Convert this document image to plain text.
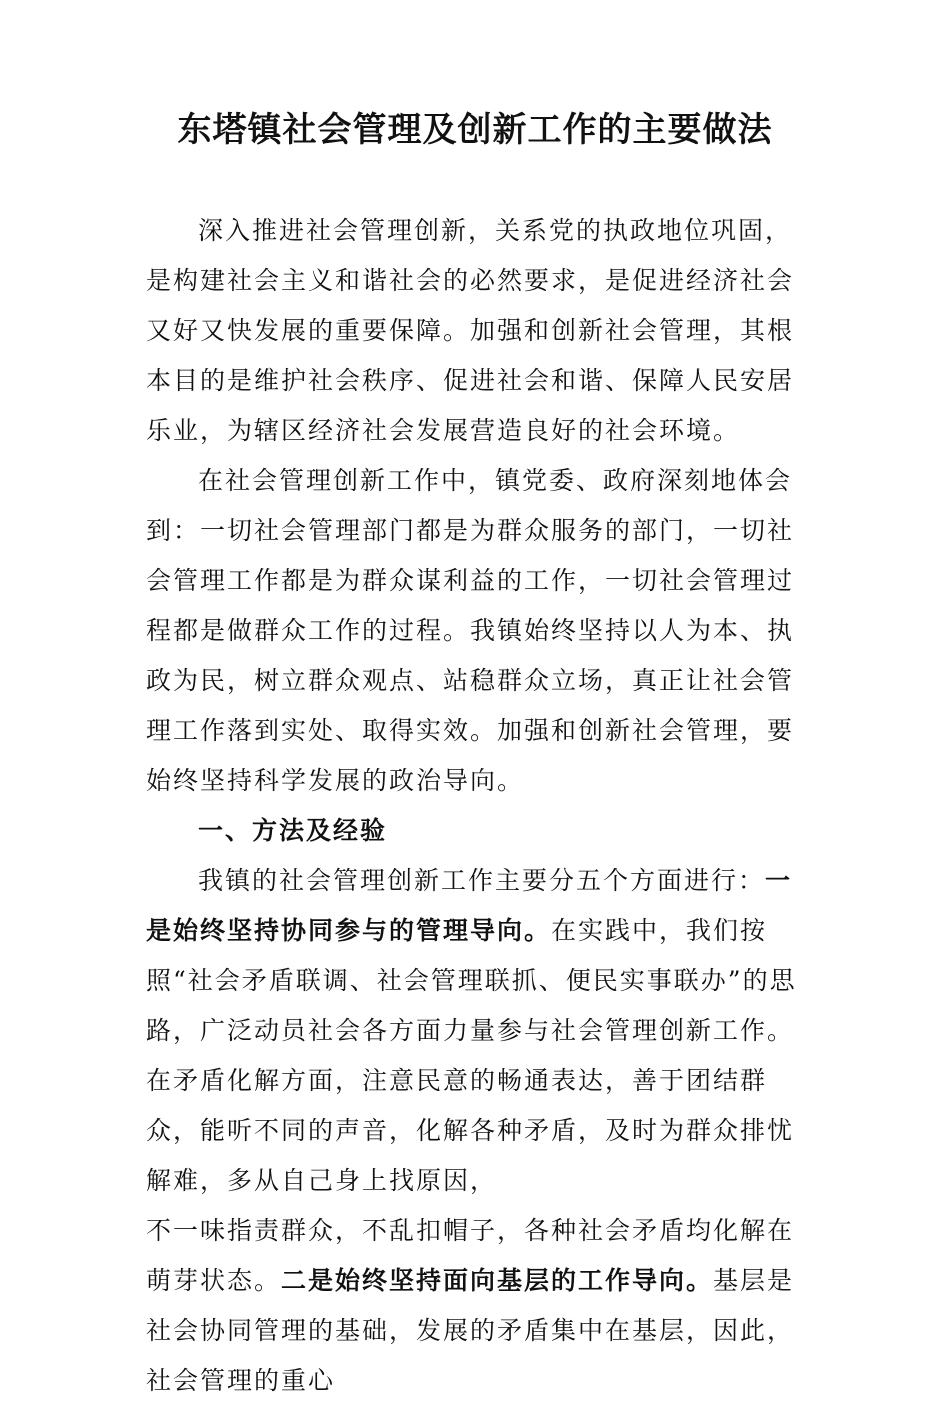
东塔镇社会管理及创新工作的主要做法

深入推进社会管理创新，关系党的执政地位巩固，是构建社会主义和谐社会的必然要求，是促进经济社会又好又快发展的重要保障。加强和创新社会管理，其根本目的是维护社会秩序、促进社会和谐、保障人民安居乐业，为辖区经济社会发展营造良好的社会环境。

在社会管理创新工作中，镇党委、政府深刻地体会到：一切社会管理部门都是为群众服务的部门，一切社会管理工作都是为群众谋利益的工作，一切社会管理过程都是做群众工作的过程。我镇始终坚持以人为本、执政为民，树立群众观点、站稳群众立场，真正让社会管理工作落到实处、取得实效。加强和创新社会管理，要始终坚持科学发展的政治导向。

一、方法及经验

我镇的社会管理创新工作主要分五个方面进行：一是始终坚持协同参与的管理导向。在实践中，我们按照“社会矛盾联调、社会管理联抓、便民实事联办”的思路，广泛动员社会各方面力量参与社会管理创新工作。在矛盾化解方面，注意民意的畅通表达，善于团结群众，能听不同的声音，化解各种矛盾，及时为群众排忧解难，多从自己身上找原因，

不一味指责群众，不乱扣帽子，各种社会矛盾均化解在萌芽状态。二是始终坚持面向基层的工作导向。基层是社会协同管理的基础，发展的矛盾集中在基层，因此，社会管理的重心
